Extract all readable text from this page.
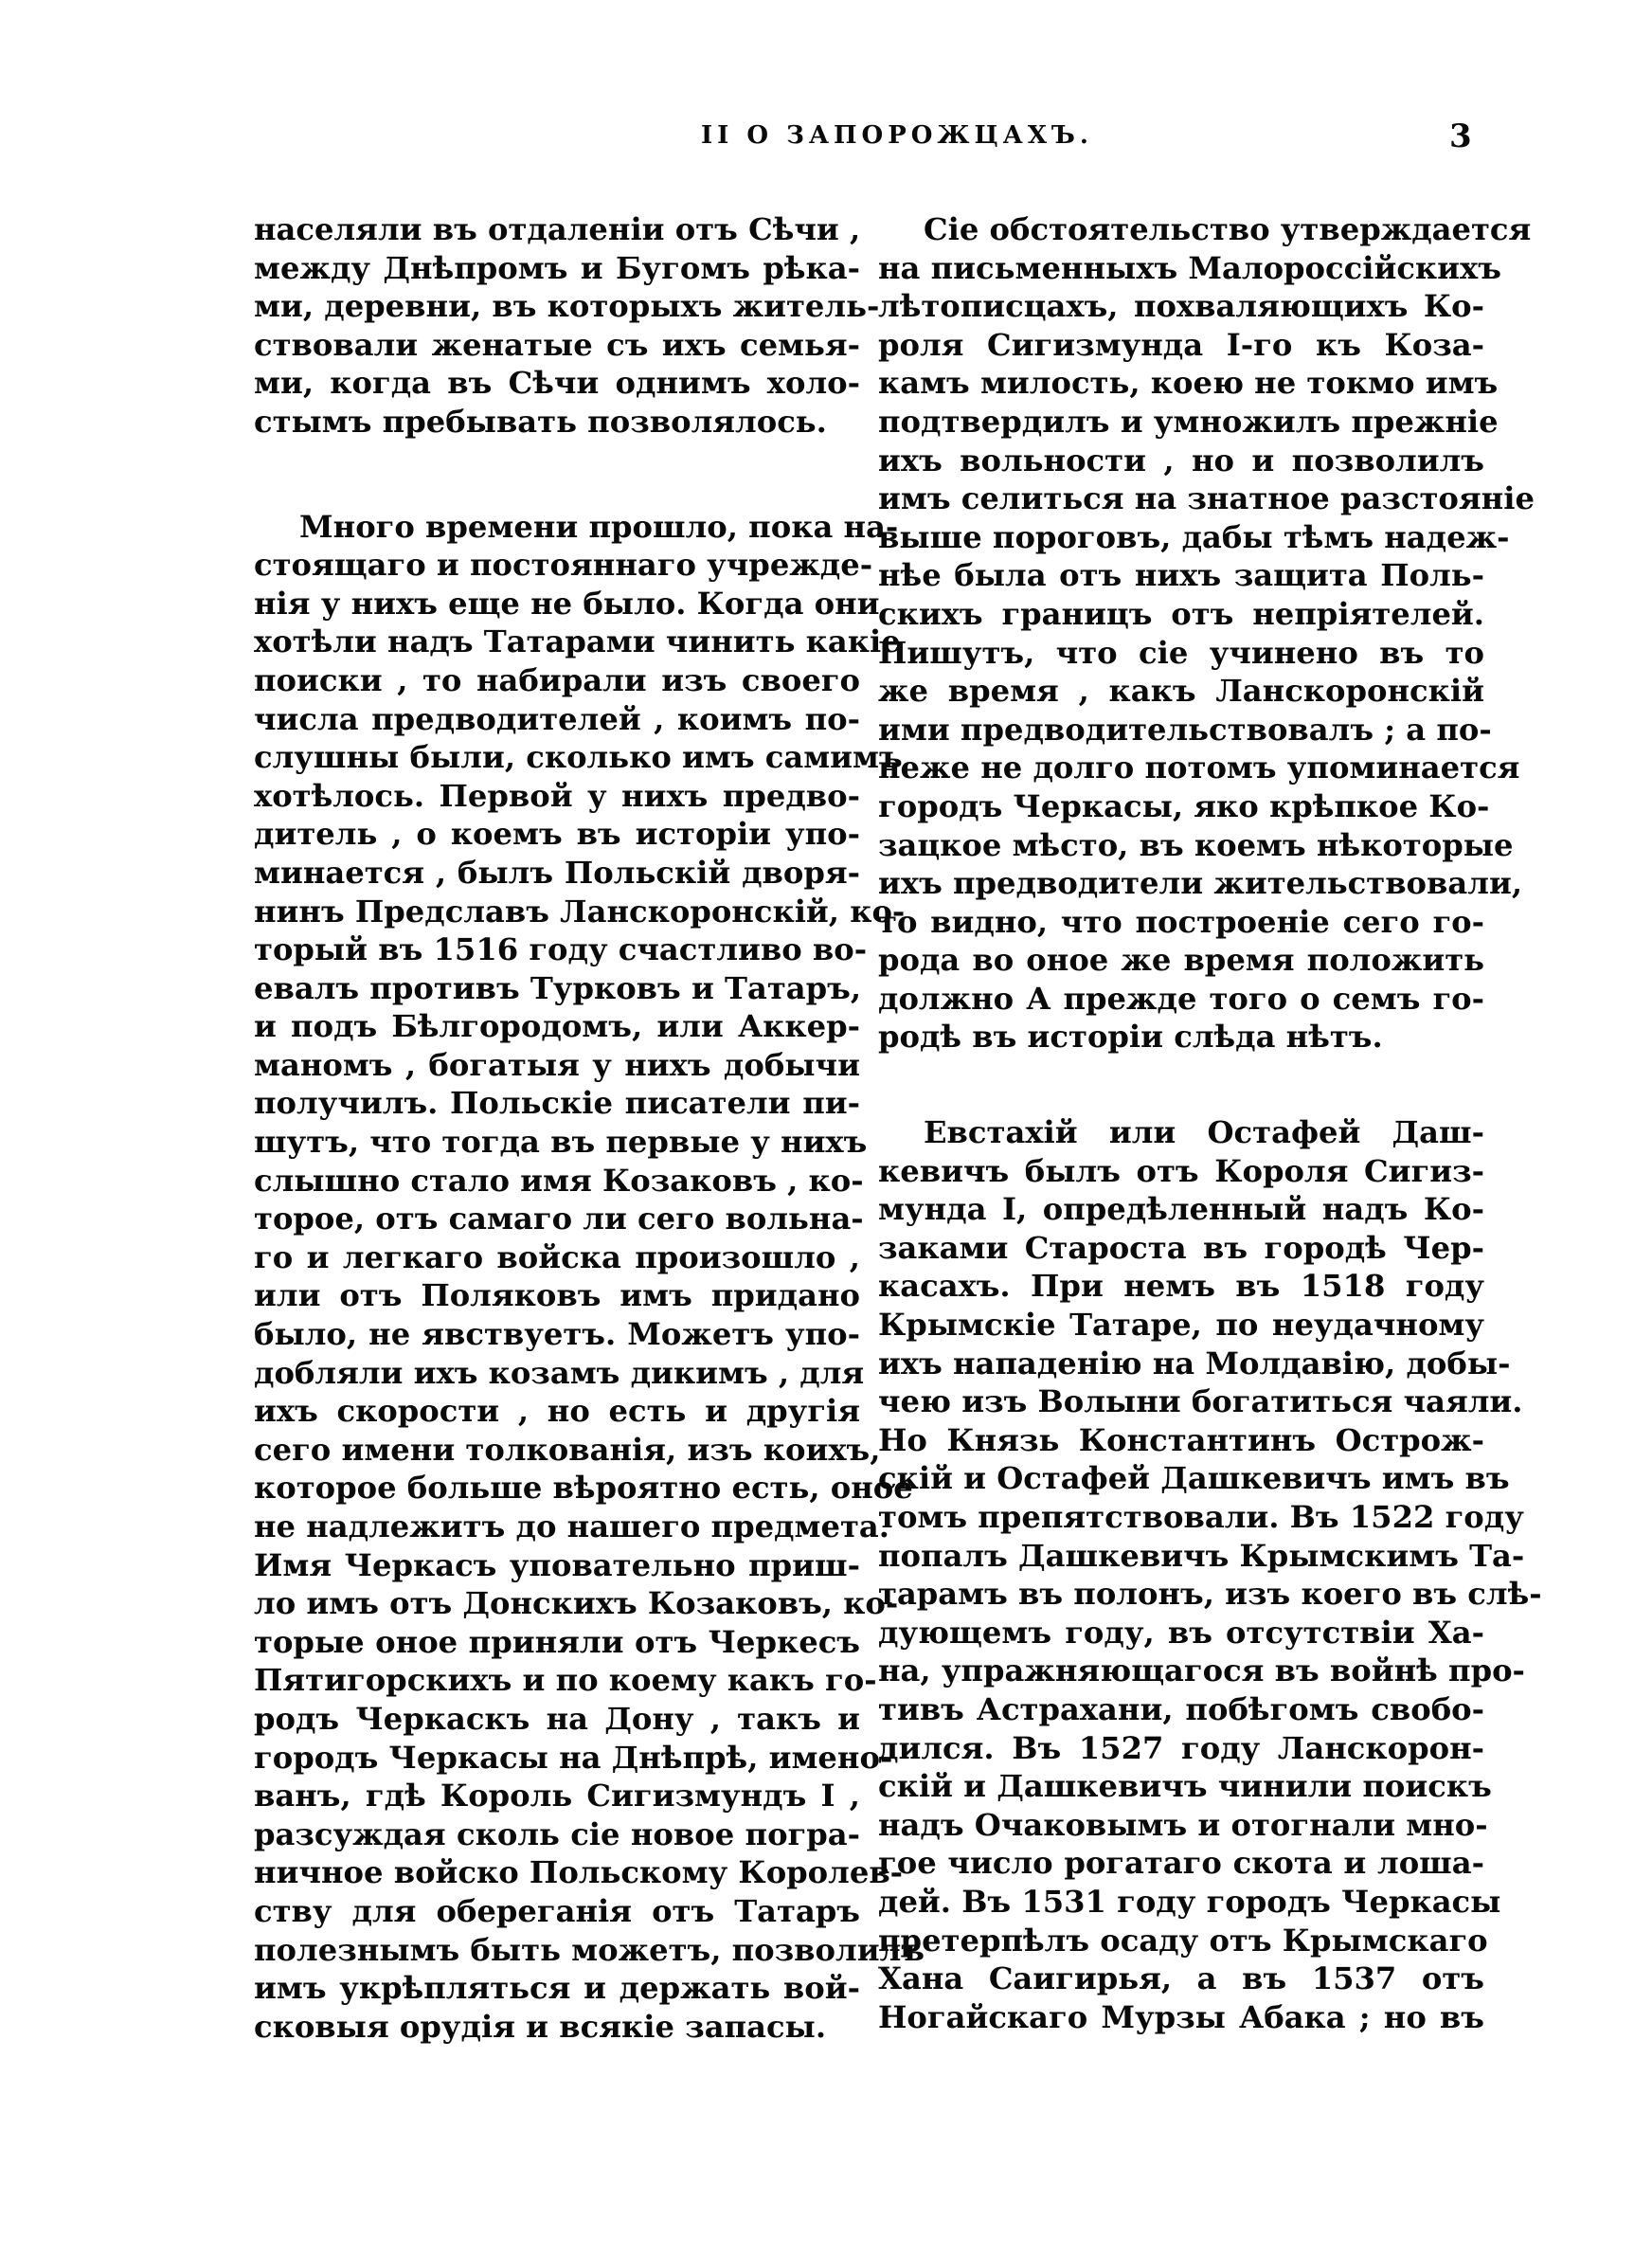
II О ЗАПОРОЖЦАХЪ.	3
населяли въ отдаленіи отъ Сѣчи ,
между Днѣпромъ и Бугомъ рѣка-
ми, деревни, въ которыхъ житель-
ствовали женатые съ ихъ семья-
ми, когда въ Сѣчи однимъ холо-
стымъ пребывать позволялось.
Много времени прошло, пока на-
стоящаго и постояннаго учрежде-
нія у нихъ еще не было. Когда они
хотѣли надъ Татарами чинить какіе
поиски , то набирали изъ своего
числа предводителей , коимъ по-
слушны были, сколько имъ самимъ
хотѣлось. Первой у нихъ предво-
дитель , о коемъ въ исторіи упо-
минается , былъ Польскій дворя-
нинъ Предславъ Ланскоронскій, ко-
торый въ 1516 году счастливо во-
евалъ противъ Турковъ и Татаръ,
и подъ Бѣлгородомъ, или Аккер-
маномъ , богатыя у нихъ добычи
получилъ. Польскіе писатели пи-
шутъ, что тогда въ первые у нихъ
слышно стало имя Козаковъ , ко-
торое, отъ самаго ли сего вольна-
го и легкаго войска произошло ,
или отъ Поляковъ имъ придано
было, не явствуетъ. Можетъ упо-
добляли ихъ козамъ дикимъ , для
ихъ скорости , но есть и другія
сего имени толкованія, изъ коихъ,
которое больше вѣроятно есть, оное
не надлежитъ до нашего предмета.
Имя Черкасъ уповательно приш-
ло имъ отъ Донскихъ Козаковъ, ко-
торые оное приняли отъ Черкесъ
Пятигорскихъ и по коему какъ го-
родъ Черкаскъ на Дону , такъ и
городъ Черкасы на Днѣпрѣ, имено-
ванъ, гдѣ Король Сигизмундъ I ,
разсуждая сколь сіе новое погра-
ничное войско Польскому Королев-
ству для обереганія отъ Татаръ
полезнымъ быть можетъ, позволилъ
имъ укрѣпляться и держать вой-
сковыя орудія и всякіе запасы.
Сіе обстоятельство утверждается
на письменныхъ Малороссійскихъ
лѣтописцахъ, похваляющихъ Ко-
роля Сигизмунда I-го къ Коза-
камъ милость, коею не токмо имъ
подтвердилъ и умножилъ прежніе
ихъ вольности , но и позволилъ
имъ селиться на знатное разстояніе
выше пороговъ, дабы тѣмъ надеж-
нѣе была отъ нихъ защита Поль-
скихъ границъ отъ непріятелей.
Пишутъ, что сіе учинено въ то
же время , какъ Ланскоронскій
ими предводительствовалъ ; а по-
неже не долго потомъ упоминается
городъ Черкасы, яко крѣпкое Ко-
зацкое мѣсто, въ коемъ нѣкоторые
ихъ предводители жительствовали,
то видно, что построеніе сего го-
рода во оное же время положить
должно А прежде того о семъ го-
родѣ въ исторіи слѣда нѣтъ.
Евстахій или Остафей Даш-
кевичъ былъ отъ Короля Сигиз-
мунда I, опредѣленный надъ Ко-
заками Староста въ городѣ Чер-
касахъ. При немъ въ 1518 году
Крымскіе Татаре, по неудачному
ихъ нападенію на Молдавію, добы-
чею изъ Волыни богатиться чаяли.
Но Князь Константинъ Острож-
скій и Остафей Дашкевичъ имъ въ
томъ препятствовали. Въ 1522 году
попалъ Дашкевичъ Крымскимъ Та-
тарамъ въ полонъ, изъ коего въ слѣ-
дующемъ году, въ отсутствіи Ха-
на, упражняющагося въ войнѣ про-
тивъ Астрахани, побѣгомъ свобо-
дился. Въ 1527 году Ланскорон-
скій и Дашкевичъ чинили поискъ
надъ Очаковымъ и отогнали мно-
гое число рогатаго скота и лоша-
дей. Въ 1531 году городъ Черкасы
претерпѣлъ осаду отъ Крымскаго
Хана Саигирья, а въ 1537 отъ
Ногайскаго Мурзы Абака ; но въ
